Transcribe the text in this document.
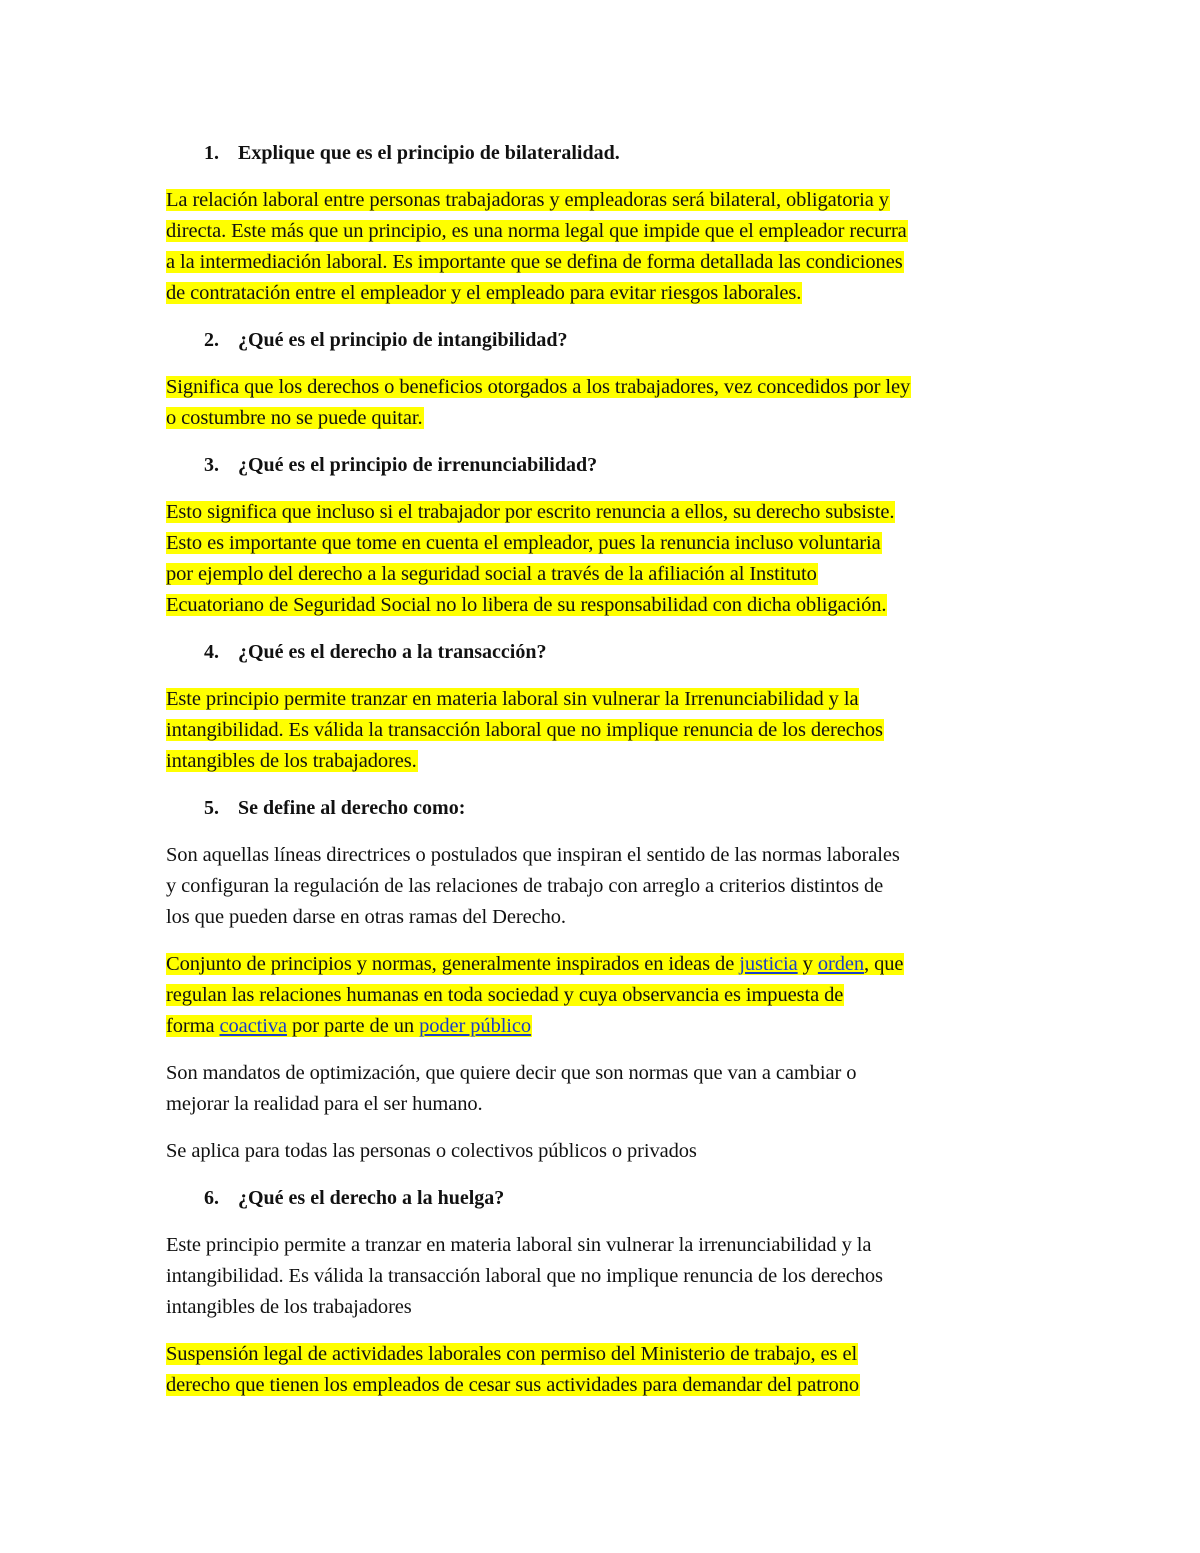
1. Explique que es el principio de bilateralidad.
La relación laboral entre personas trabajadoras y empleadoras será bilateral, obligatoria y
directa. Este más que un principio, es una norma legal que impide que el empleador recurra
a la intermediación laboral. Es importante que se defina de forma detallada las condiciones
de contratación entre el empleador y el empleado para evitar riesgos laborales.
2. ¿Qué es el principio de intangibilidad?
Significa que los derechos o beneficios otorgados a los trabajadores, vez concedidos por ley
o costumbre no se puede quitar.
3. ¿Qué es el principio de irrenunciabilidad?
Esto significa que incluso si el trabajador por escrito renuncia a ellos, su derecho subsiste.
Esto es importante que tome en cuenta el empleador, pues la renuncia incluso voluntaria
por ejemplo del derecho a la seguridad social a través de la afiliación al Instituto
Ecuatoriano de Seguridad Social no lo libera de su responsabilidad con dicha obligación.
4. ¿Qué es el derecho a la transacción?
Este principio permite tranzar en materia laboral sin vulnerar la Irrenunciabilidad y la
intangibilidad. Es válida la transacción laboral que no implique renuncia de los derechos
intangibles de los trabajadores.
5. Se define al derecho como:
Son aquellas líneas directrices o postulados que inspiran el sentido de las normas laborales
y configuran la regulación de las relaciones de trabajo con arreglo a criterios distintos de
los que pueden darse en otras ramas del Derecho.
Conjunto de principios y normas, generalmente inspirados en ideas de justicia y orden, que
regulan las relaciones humanas en toda sociedad y cuya observancia es impuesta de
forma coactiva por parte de un poder público
Son mandatos de optimización, que quiere decir que son normas que van a cambiar o
mejorar la realidad para el ser humano.
Se aplica para todas las personas o colectivos públicos o privados
6. ¿Qué es el derecho a la huelga?
Este principio permite a tranzar en materia laboral sin vulnerar la irrenunciabilidad y la
intangibilidad. Es válida la transacción laboral que no implique renuncia de los derechos
intangibles de los trabajadores
Suspensión legal de actividades laborales con permiso del Ministerio de trabajo, es el
derecho que tienen los empleados de cesar sus actividades para demandar del patrono
